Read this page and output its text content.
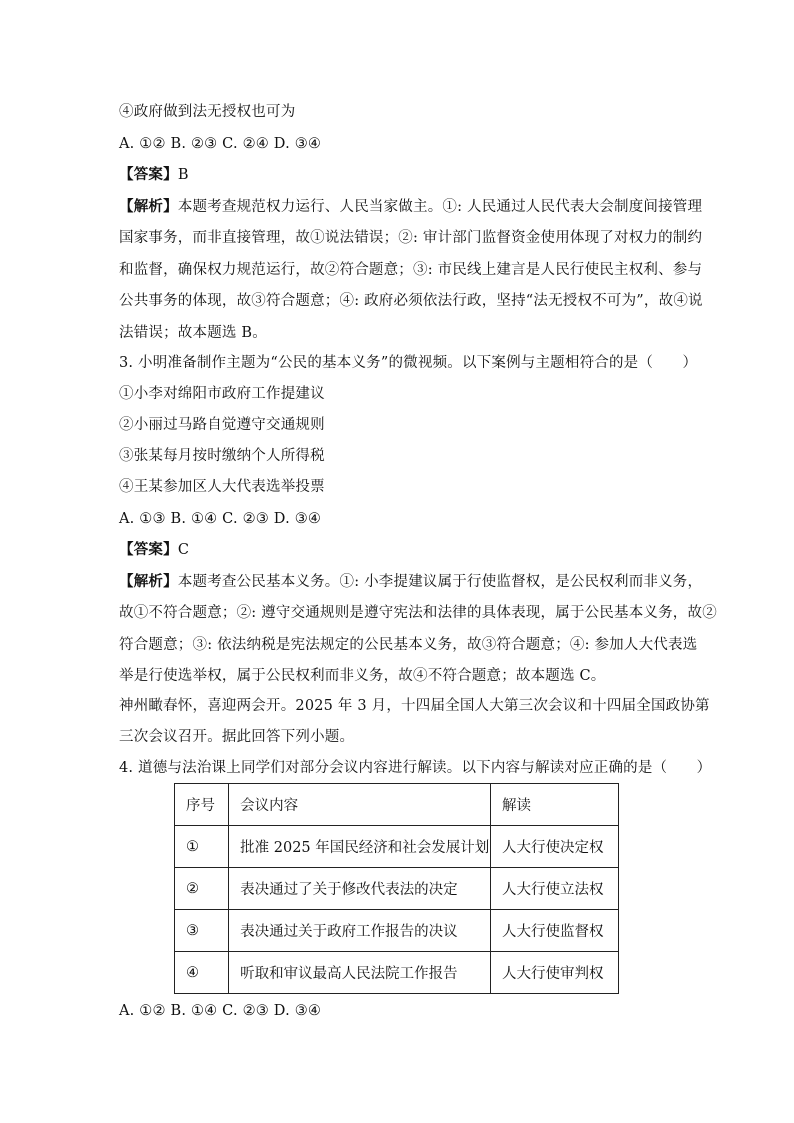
④政府做到法无授权也可为
A. ①② B. ②③ C. ②④ D. ③④
【答案】B
【解析】本题考查规范权力运行、人民当家做主。①: 人民通过人民代表大会制度间接管理
国家事务，而非直接管理，故①说法错误；②: 审计部门监督资金使用体现了对权力的制约
和监督，确保权力规范运行，故②符合题意；③: 市民线上建言是人民行使民主权利、参与
公共事务的体现，故③符合题意；④: 政府必须依法行政，坚持“法无授权不可为”，故④说
法错误；故本题选 B。
3. 小明准备制作主题为“公民的基本义务”的微视频。以下案例与主题相符合的是（　　）
①小李对绵阳市政府工作提建议
②小丽过马路自觉遵守交通规则
③张某每月按时缴纳个人所得税
④王某参加区人大代表选举投票
A. ①③ B. ①④ C. ②③ D. ③④
【答案】C
【解析】本题考查公民基本义务。①: 小李提建议属于行使监督权，是公民权利而非义务，
故①不符合题意；②: 遵守交通规则是遵守宪法和法律的具体表现，属于公民基本义务，故②
符合题意；③: 依法纳税是宪法规定的公民基本义务，故③符合题意；④: 参加人大代表选
举是行使选举权，属于公民权利而非义务，故④不符合题意；故本题选 C。
神州瞰春怀，喜迎两会开。2025 年 3 月，十四届全国人大第三次会议和十四届全国政协第
三次会议召开。据此回答下列小题。
4. 道德与法治课上同学们对部分会议内容进行解读。以下内容与解读对应正确的是（　　）
序号	会议内容	解读
①	批准 2025 年国民经济和社会发展计划	人大行使决定权
②	表决通过了关于修改代表法的决定	人大行使立法权
③	表决通过关于政府工作报告的决议	人大行使监督权
④	听取和审议最高人民法院工作报告	人大行使审判权
A. ①② B. ①④ C. ②③ D. ③④
